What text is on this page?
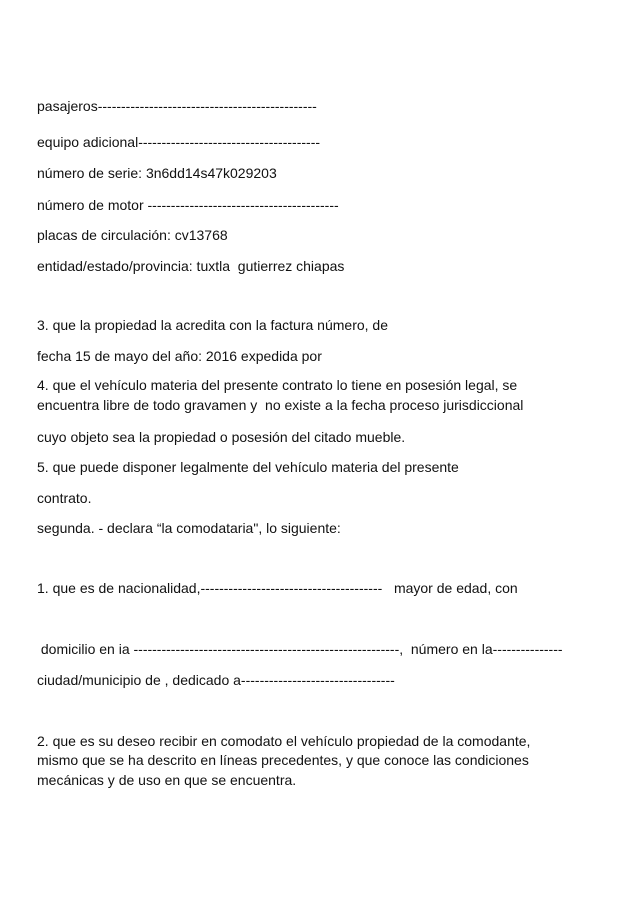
pasajeros-----------------------------------------------

equipo adicional---------------------------------------

número de serie: 3n6dd14s47k029203

número de motor -----------------------------------------

placas de circulación: cv13768

entidad/estado/provincia: tuxtla  gutierrez chiapas

3. que la propiedad la acredita con la factura número, de

fecha 15 de mayo del año: 2016 expedida por

4. que el vehículo materia del presente contrato lo tiene en posesión legal, se

encuentra libre de todo gravamen y  no existe a la fecha proceso jurisdiccional

cuyo objeto sea la propiedad o posesión del citado mueble.

5. que puede disponer legalmente del vehículo materia del presente

contrato.

segunda. - declara “la comodataria", lo siguiente:

1. que es de nacionalidad,---------------------------------------   mayor de edad, con

domicilio en ia ---------------------------------------------------------,  número en la---------------

ciudad/municipio de , dedicado a---------------------------------

2. que es su deseo recibir en comodato el vehículo propiedad de la comodante,

mismo que se ha descrito en líneas precedentes, y que conoce las condiciones

mecánicas y de uso en que se encuentra.
